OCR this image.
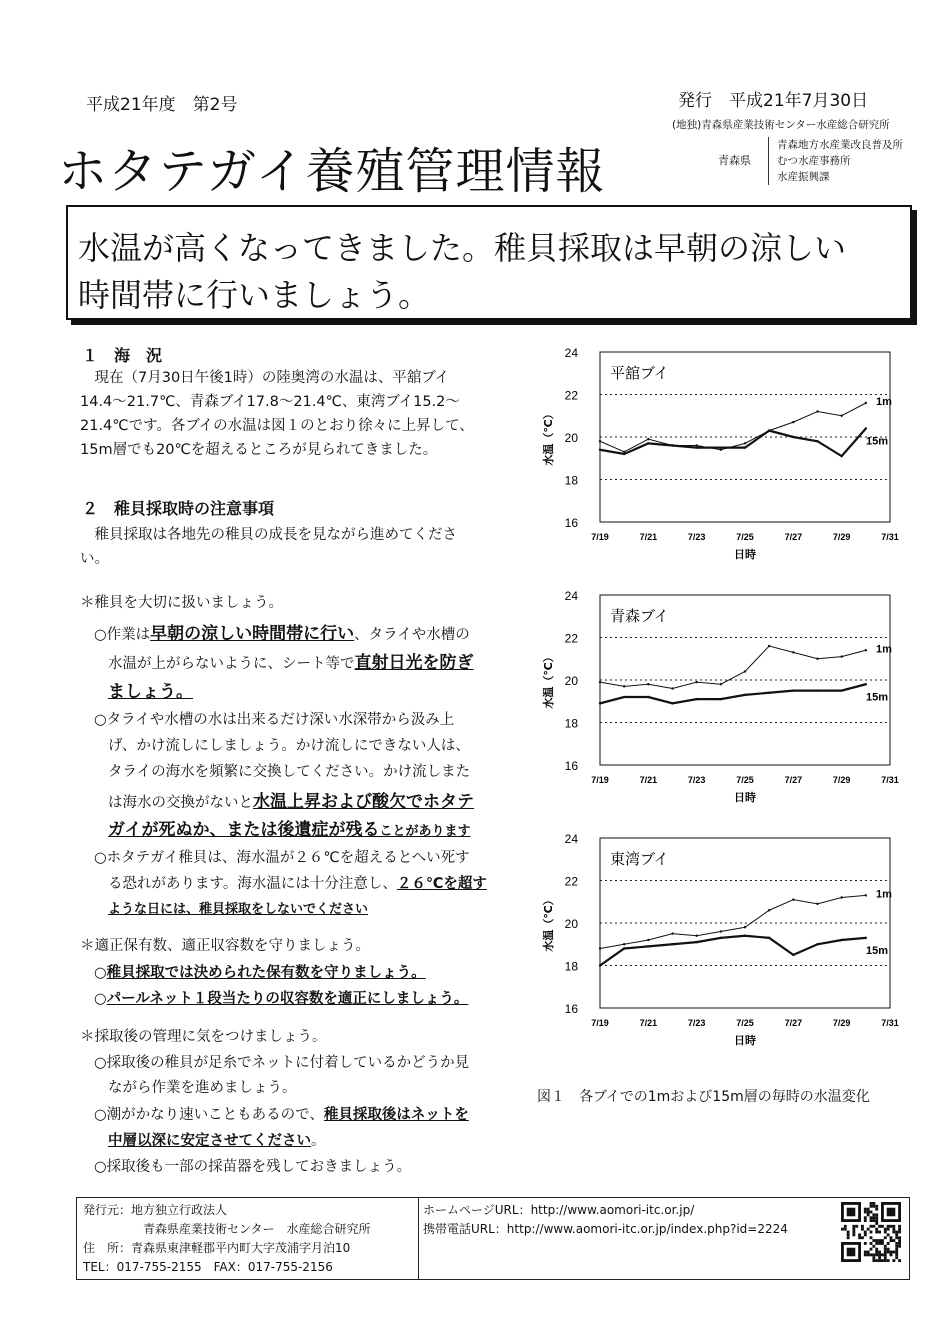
平成21年度　第2号	発行　平成21年7月30日
(地独)青森県産業技術センター水産総合研究所
ホタテガイ養殖管理情報	青森県
青森地方水産業改良普及所
むつ水産事務所
水産振興課
水温が高くなってきました。稚貝採取は早朝の涼しい
時間帯に行いましょう。
１　海　況
　現在（7月30日午後1時）の陸奥湾の水温は、平舘ブイ
14.4～21.7℃、青森ブイ17.8～21.4℃、東湾ブイ15.2～
21.4℃です。各ブイの水温は図１のとおり徐々に上昇して、
15m層でも20℃を超えるところが見られてきました。
２　稚貝採取時の注意事項
　稚貝採取は各地先の稚貝の成長を見ながら進めてくださ
い。
＊稚貝を大切に扱いましょう。
○作業は早朝の涼しい時間帯に行い、タライや水槽の
水温が上がらないように、シート等で直射日光を防ぎ
ましょう。
○タライや水槽の水は出来るだけ深い水深帯から汲み上
げ、かけ流しにしましょう。かけ流しにできない人は、
タライの海水を頻繁に交換してください。かけ流しまた
は海水の交換がないと水温上昇および酸欠でホタテ
ガイが死ぬか、または後遺症が残ることがあります
○ホタテガイ稚貝は、海水温が２６℃を超えるとへい死す
る恐れがあります。海水温には十分注意し、２６℃を超す
ような日には、稚貝採取をしないでください
＊適正保有数、適正収容数を守りましょう。
○稚貝採取では決められた保有数を守りましょう。
○パールネット１段当たりの収容数を適正にしましょう。
＊採取後の管理に気をつけましょう。
○採取後の稚貝が足糸でネットに付着しているかどうか見
ながら作業を進めましょう。
○潮がかなり速いこともあるので、稚貝採取後はネットを
中層以深に安定させてください。
○採取後も一部の採苗器を残しておきましょう。
16
18
20
22
24
7/19	7/21	7/23	7/25	7/27	7/29	7/31
日時
水温（℃）
平舘ブイ
1m
15m
16
18
20
22
24
7/19	7/21	7/23	7/25	7/27	7/29	7/31
日時
水温（℃）
青森ブイ
1m
15m
16
18
20
22
24
7/19	7/21	7/23	7/25	7/27	7/29	7/31
日時
水温（℃）
東湾ブイ
1m
15m
図１　各ブイでの1mおよび15m層の毎時の水温変化
発行元：地方独立行政法人
　　　　　青森県産業技術センター　水産総合研究所
住　所：青森県東津軽郡平内町大字茂浦字月泊10
TEL：017-755-2155　FAX：017-755-2156
ホームページURL：http://www.aomori-itc.or.jp/
携帯電話URL：http://www.aomori-itc.or.jp/index.php?id=2224
